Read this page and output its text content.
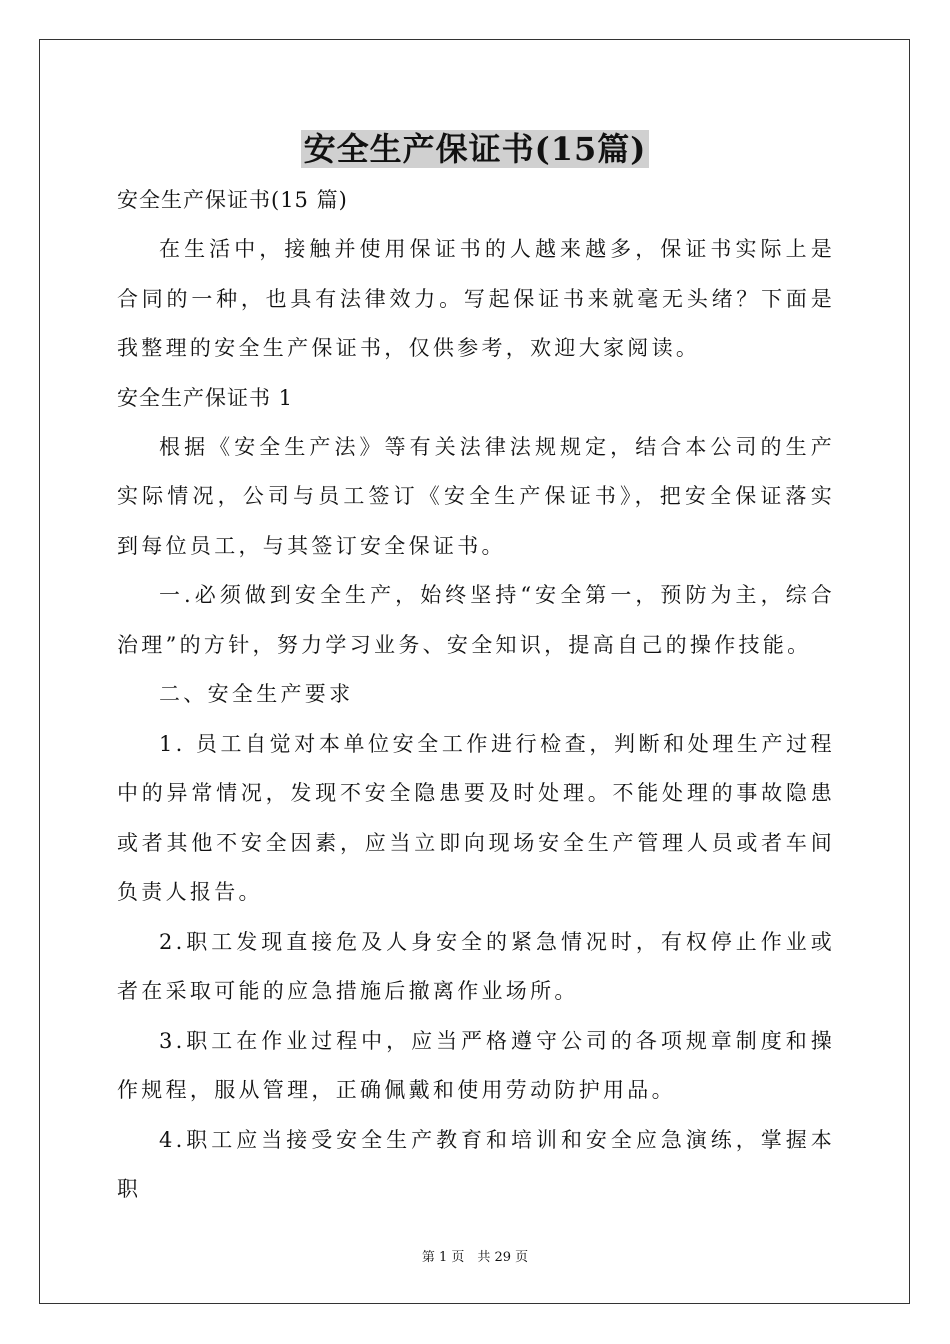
安全生产保证书(15篇)

安全生产保证书(15 篇)

在生活中，接触并使用保证书的人越来越多，保证书实际上是合同的一种，也具有法律效力。写起保证书来就毫无头绪？下面是我整理的安全生产保证书，仅供参考，欢迎大家阅读。

安全生产保证书 1

根据《安全生产法》等有关法律法规规定，结合本公司的生产实际情况，公司与员工签订《安全生产保证书》，把安全保证落实到每位员工，与其签订安全保证书。

一.必须做到安全生产，始终坚持“安全第一，预防为主，综合治理”的方针，努力学习业务、安全知识，提高自己的操作技能。

二、安全生产要求

1. 员工自觉对本单位安全工作进行检查，判断和处理生产过程中的异常情况，发现不安全隐患要及时处理。不能处理的事故隐患或者其他不安全因素，应当立即向现场安全生产管理人员或者车间负责人报告。

2.职工发现直接危及人身安全的紧急情况时，有权停止作业或者在采取可能的应急措施后撤离作业场所。

3.职工在作业过程中，应当严格遵守公司的各项规章制度和操作规程，服从管理，正确佩戴和使用劳动防护用品。

4.职工应当接受安全生产教育和培训和安全应急演练，掌握本职

第 1 页　共 29 页
